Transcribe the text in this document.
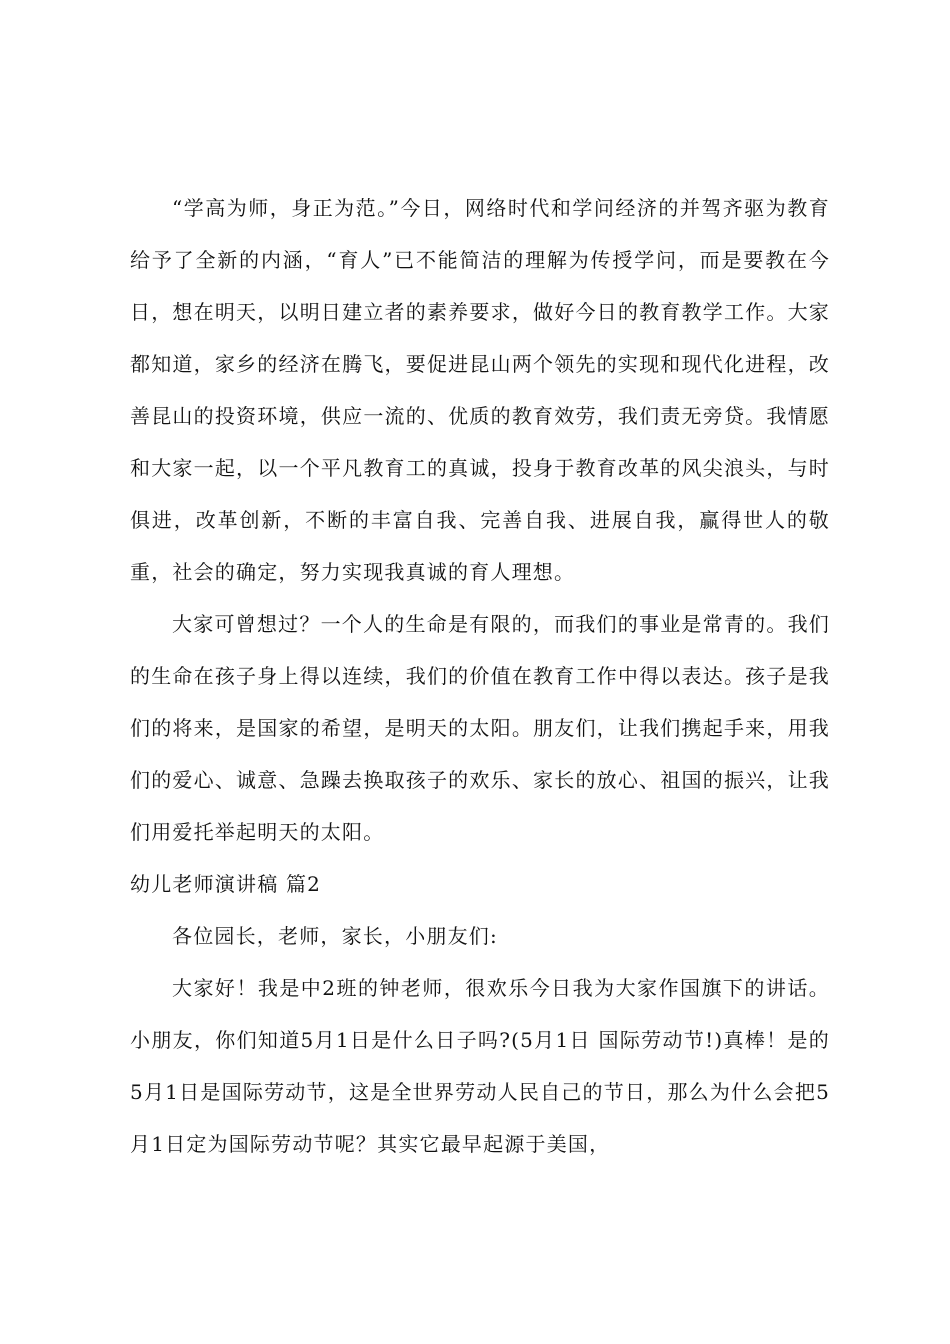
“学高为师，身正为范。”今日，网络时代和学问经济的并驾齐驱为教育给予了全新的内涵，“育人”已不能简洁的理解为传授学问，而是要教在今日，想在明天，以明日建立者的素养要求，做好今日的教育教学工作。大家都知道，家乡的经济在腾飞，要促进昆山两个领先的实现和现代化进程，改善昆山的投资环境，供应一流的、优质的教育效劳，我们责无旁贷。我情愿和大家一起，以一个平凡教育工的真诚，投身于教育改革的风尖浪头，与时俱进，改革创新，不断的丰富自我、完善自我、进展自我，赢得世人的敬重，社会的确定，努力实现我真诚的育人理想。

大家可曾想过？一个人的生命是有限的，而我们的事业是常青的。我们的生命在孩子身上得以连续，我们的价值在教育工作中得以表达。孩子是我们的将来，是国家的希望，是明天的太阳。朋友们，让我们携起手来，用我们的爱心、诚意、急躁去换取孩子的欢乐、家长的放心、祖国的振兴，让我们用爱托举起明天的太阳。

幼儿老师演讲稿 篇2

各位园长，老师，家长，小朋友们:

大家好！我是中2班的钟老师，很欢乐今日我为大家作国旗下的讲话。小朋友，你们知道5月1日是什么日子吗?(5月1日 国际劳动节!)真棒！是的5月1日是国际劳动节，这是全世界劳动人民自己的节日，那么为什么会把5月1日定为国际劳动节呢？其实它最早起源于美国，
